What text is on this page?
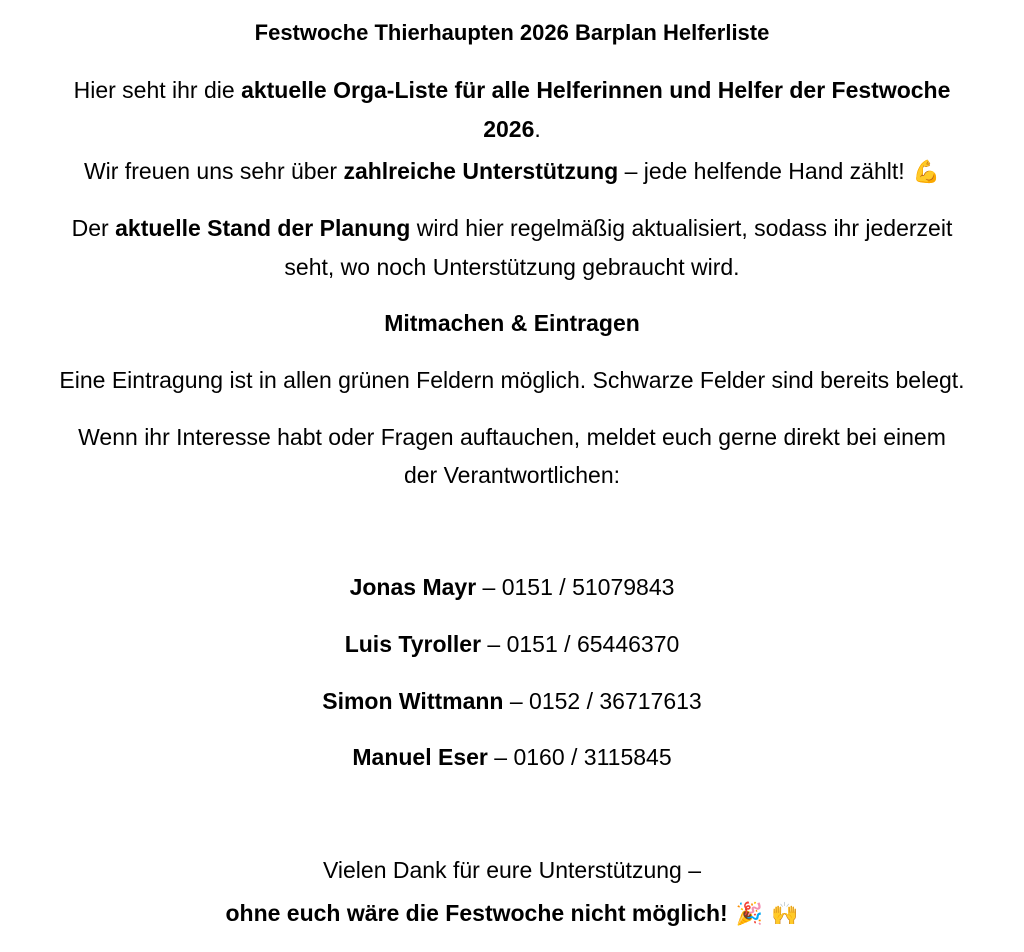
Festwoche Thierhaupten 2026 Barplan Helferliste
Hier seht ihr die aktuelle Orga-Liste für alle Helferinnen und Helfer der Festwoche
2026.
Wir freuen uns sehr über zahlreiche Unterstützung – jede helfende Hand zählt! 💪
Der aktuelle Stand der Planung wird hier regelmäßig aktualisiert, sodass ihr jederzeit
seht, wo noch Unterstützung gebraucht wird.
Mitmachen & Eintragen
Eine Eintragung ist in allen grünen Feldern möglich. Schwarze Felder sind bereits belegt.
Wenn ihr Interesse habt oder Fragen auftauchen, meldet euch gerne direkt bei einem
der Verantwortlichen:
Jonas Mayr – 0151 / 51079843
Luis Tyroller – 0151 / 65446370
Simon Wittmann – 0152 / 36717613
Manuel Eser – 0160 / 3115845
Vielen Dank für eure Unterstützung –
ohne euch wäre die Festwoche nicht möglich! 🎉 🙌
